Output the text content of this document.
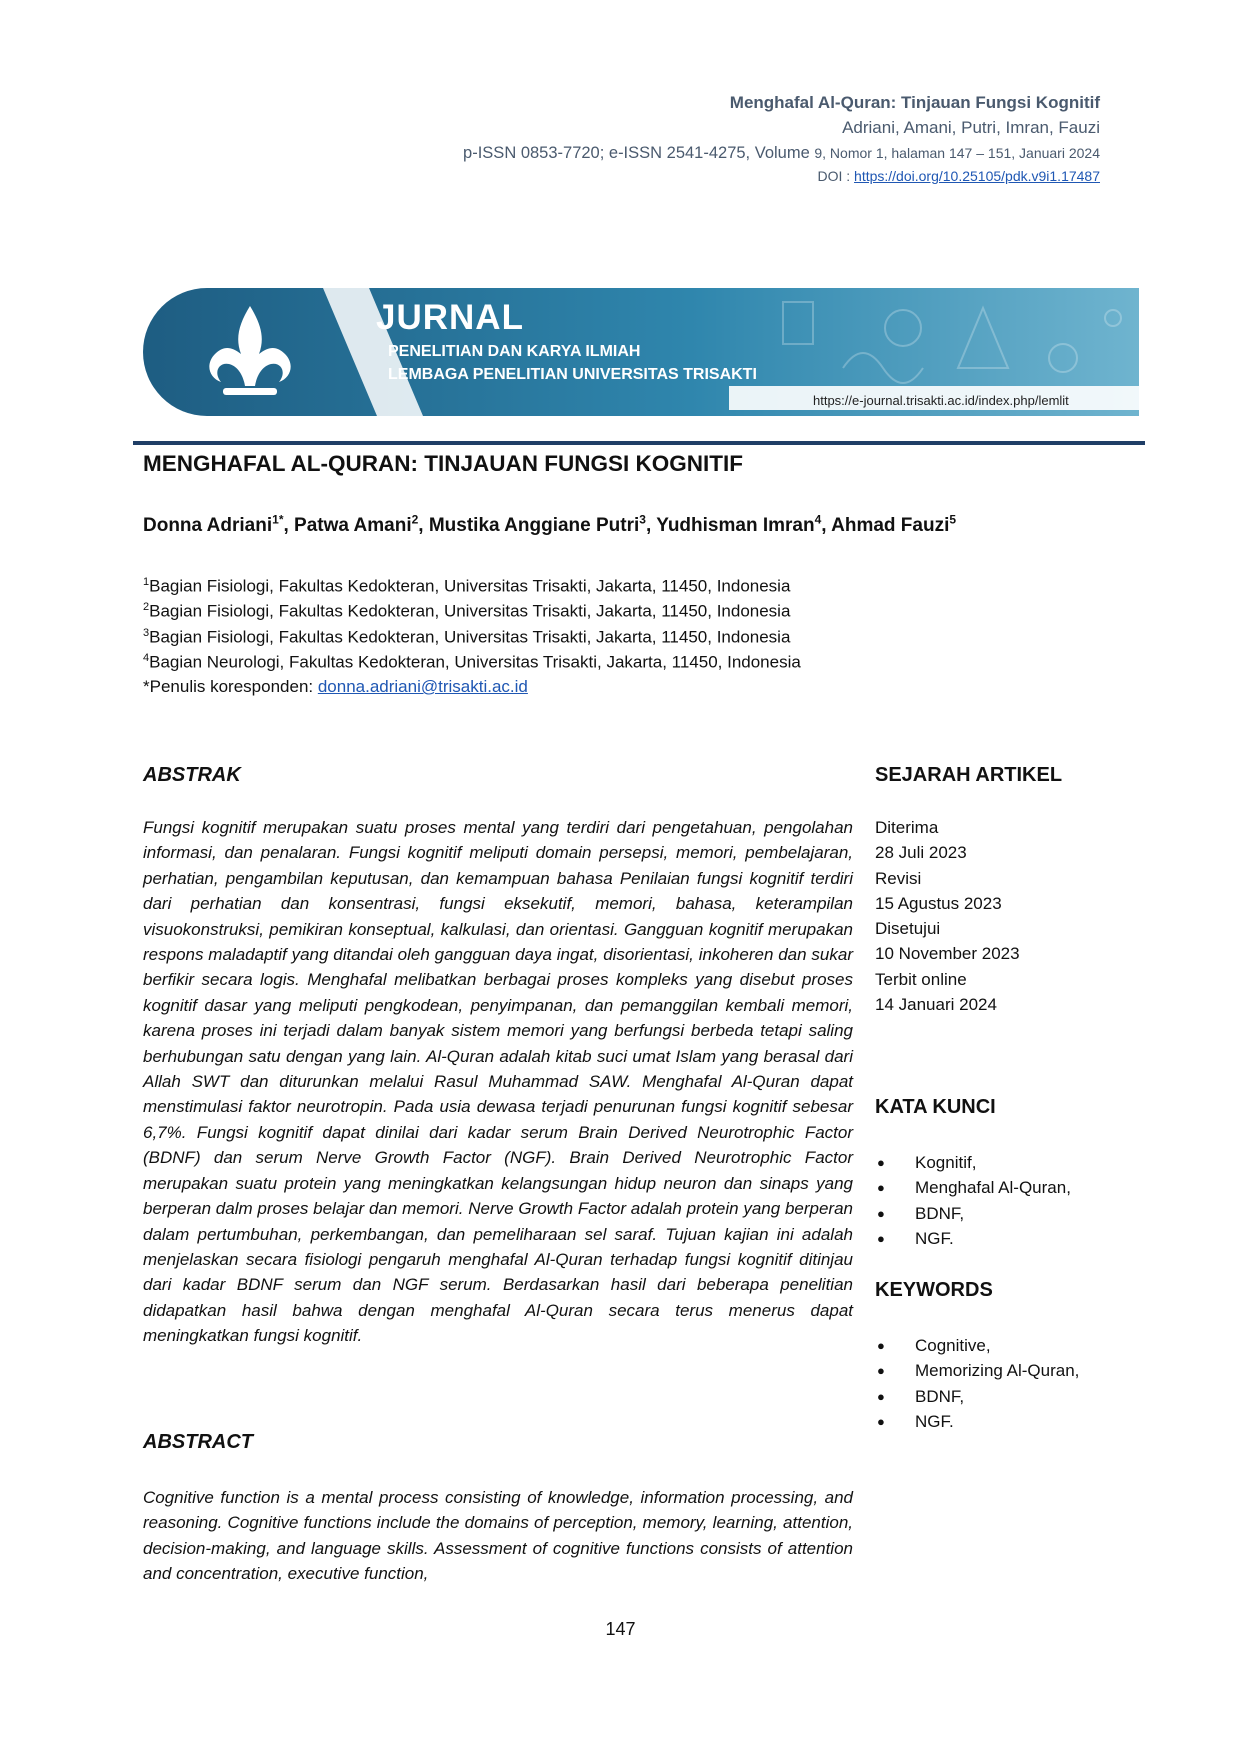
Menghafal Al-Quran: Tinjauan Fungsi Kognitif
Adriani, Amani, Putri, Imran, Fauzi
p-ISSN 0853-7720; e-ISSN 2541-4275, Volume 9, Nomor 1, halaman 147 – 151, Januari 2024
DOI : https://doi.org/10.25105/pdk.v9i1.17487
JURNAL
PENELITIAN DAN KARYA ILMIAH
LEMBAGA PENELITIAN UNIVERSITAS TRISAKTI
https://e-journal.trisakti.ac.id/index.php/lemlit
MENGHAFAL AL-QURAN: TINJAUAN FUNGSI KOGNITIF
Donna Adriani$^{1*}$, Patwa Amani$^2$, Mustika Anggiane Putri$^3$, Yudhisman Imran$^4$, Ahmad Fauzi$^5$
$^1$Bagian Fisiologi, Fakultas Kedokteran, Universitas Trisakti, Jakarta, 11450, Indonesia
$^2$Bagian Fisiologi, Fakultas Kedokteran, Universitas Trisakti, Jakarta, 11450, Indonesia
$^3$Bagian Fisiologi, Fakultas Kedokteran, Universitas Trisakti, Jakarta, 11450, Indonesia
$^4$Bagian Neurologi, Fakultas Kedokteran, Universitas Trisakti, Jakarta, 11450, Indonesia
*Penulis koresponden: donna.adriani@trisakti.ac.id
ABSTRAK

Fungsi kognitif merupakan suatu proses mental yang terdiri dari pengetahuan, pengolahan informasi, dan penalaran. Fungsi kognitif meliputi domain persepsi, memori, pembelajaran, perhatian, pengambilan keputusan, dan kemampuan bahasa Penilaian fungsi kognitif terdiri dari perhatian dan konsentrasi, fungsi eksekutif, memori, bahasa, keterampilan visuokonstruksi, pemikiran konseptual, kalkulasi, dan orientasi. Gangguan kognitif merupakan respons maladaptif yang ditandai oleh gangguan daya ingat, disorientasi, inkoheren dan sukar berfikir secara logis. Menghafal melibatkan berbagai proses kompleks yang disebut proses kognitif dasar yang meliputi pengkodean, penyimpanan, dan pemanggilan kembali memori, karena proses ini terjadi dalam banyak sistem memori yang berfungsi berbeda tetapi saling berhubungan satu dengan yang lain. Al-Quran adalah kitab suci umat Islam yang berasal dari Allah SWT dan diturunkan melalui Rasul Muhammad SAW. Menghafal Al-Quran dapat menstimulasi faktor neurotropin. Pada usia dewasa terjadi penurunan fungsi kognitif sebesar 6,7%. Fungsi kognitif dapat dinilai dari kadar serum Brain Derived Neurotrophic Factor (BDNF) dan serum Nerve Growth Factor (NGF). Brain Derived Neurotrophic Factor merupakan suatu protein yang meningkatkan kelangsungan hidup neuron dan sinaps yang berperan dalm proses belajar dan memori. Nerve Growth Factor adalah protein yang berperan dalam pertumbuhan, perkembangan, dan pemeliharaan sel saraf. Tujuan kajian ini adalah menjelaskan secara fisiologi pengaruh menghafal Al-Quran terhadap fungsi kognitif ditinjau dari kadar BDNF serum dan NGF serum. Berdasarkan hasil dari beberapa penelitian didapatkan hasil bahwa dengan menghafal Al-Quran secara terus menerus dapat meningkatkan fungsi kognitif.

ABSTRACT

Cognitive function is a mental process consisting of knowledge, information processing, and reasoning. Cognitive functions include the domains of perception, memory, learning, attention, decision-making, and language skills. Assessment of cognitive functions consists of attention and concentration, executive function,

SEJARAH ARTIKEL
Diterima
28 Juli 2023
Revisi
15 Agustus 2023
Disetujui
10 November 2023
Terbit online
14 Januari 2024
KATA KUNCI
● Kognitif,
● Menghafal Al-Quran,
● BDNF,
● NGF.
KEYWORDS
● Cognitive,
● Memorizing Al-Quran,
● BDNF,
● NGF.
147
